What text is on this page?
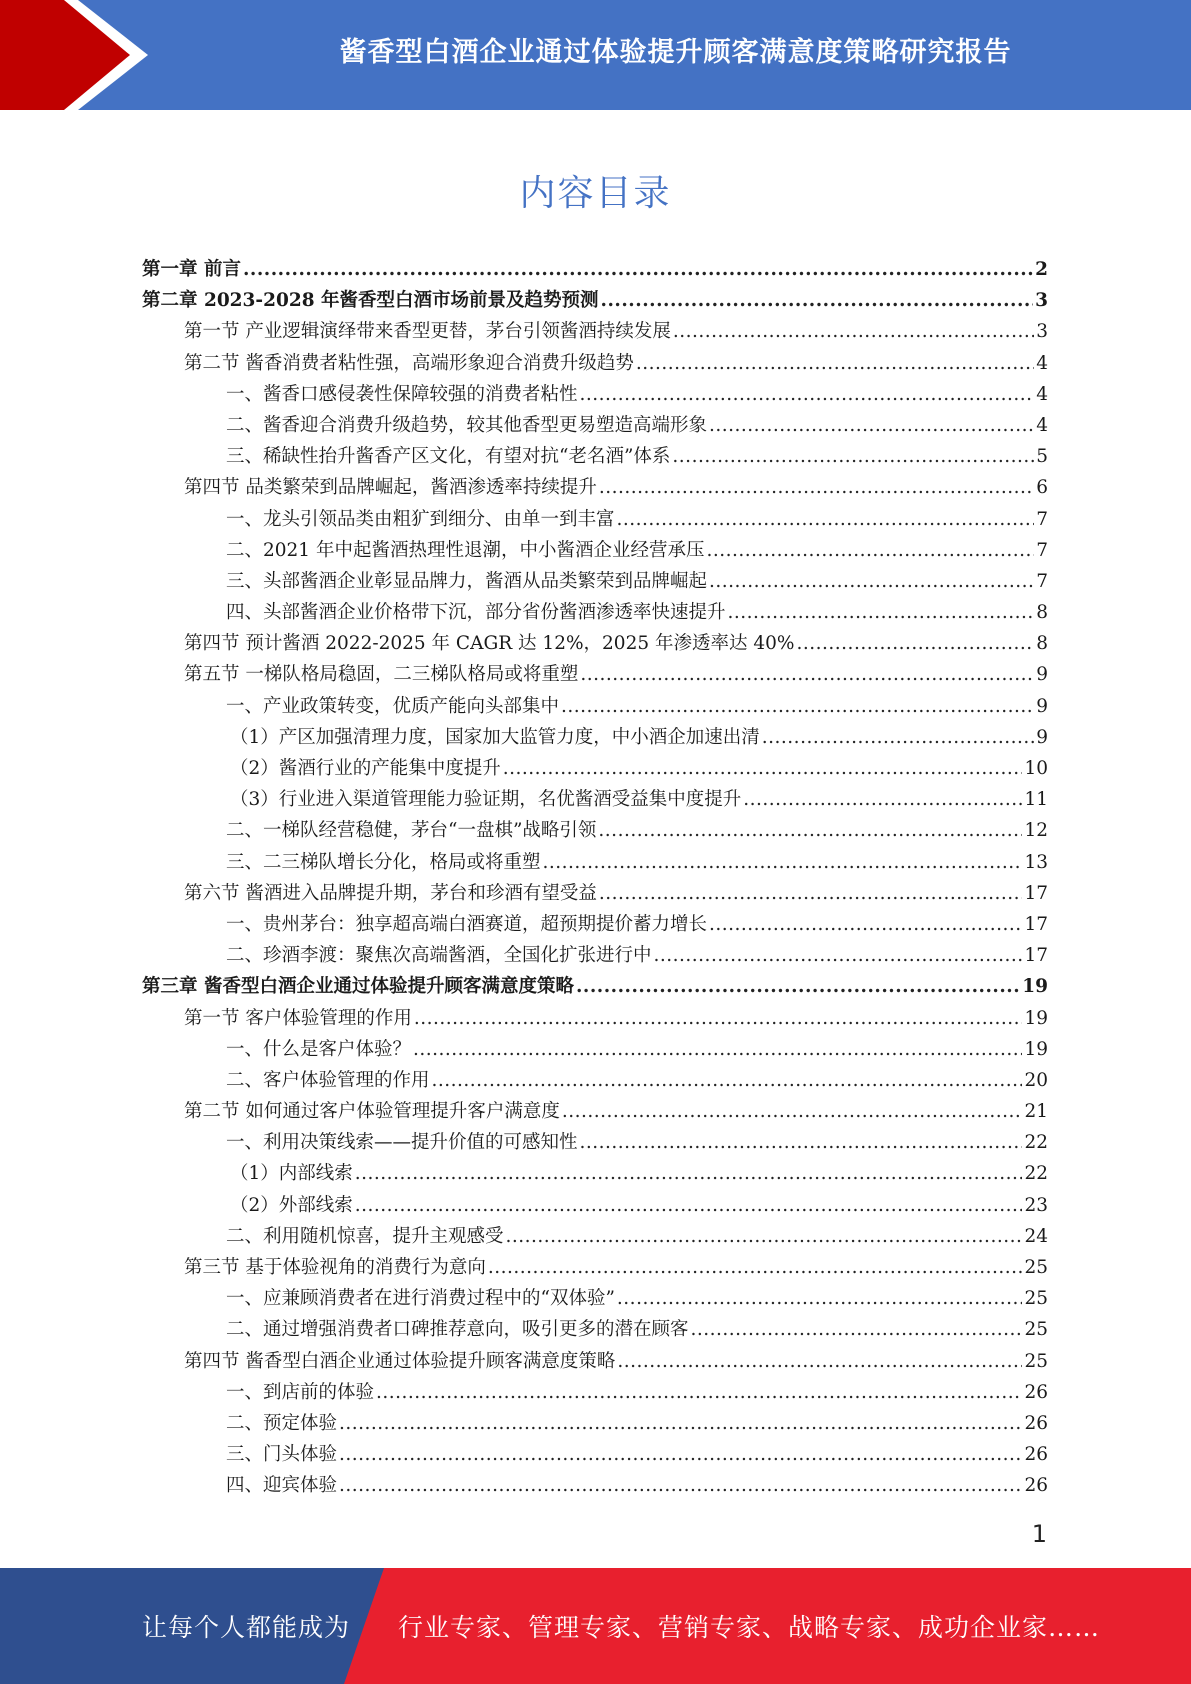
酱香型白酒企业通过体验提升顾客满意度策略研究报告
内容目录
第一章 前言 .....	2
第二章 2023-2028 年酱香型白酒市场前景及趋势预测 .....	3
第一节 产业逻辑演绎带来香型更替，茅台引领酱酒持续发展 .....	3
第二节 酱香消费者粘性强，高端形象迎合消费升级趋势 .....	4
一、酱香口感侵袭性保障较强的消费者粘性 .....	4
二、酱香迎合消费升级趋势，较其他香型更易塑造高端形象 .....	4
三、稀缺性抬升酱香产区文化，有望对抗“老名酒”体系 .....	5
第四节 品类繁荣到品牌崛起，酱酒渗透率持续提升 .....	6
一、龙头引领品类由粗犷到细分、由单一到丰富 .....	7
二、2021 年中起酱酒热理性退潮，中小酱酒企业经营承压 .....	7
三、头部酱酒企业彰显品牌力，酱酒从品类繁荣到品牌崛起 .....	7
四、头部酱酒企业价格带下沉，部分省份酱酒渗透率快速提升 .....	8
第四节 预计酱酒 2022-2025 年 CAGR 达 12%，2025 年渗透率达 40% .....	8
第五节 一梯队格局稳固，二三梯队格局或将重塑 .....	9
一、产业政策转变，优质产能向头部集中 .....	9
（1）产区加强清理力度，国家加大监管力度，中小酒企加速出清 .....	9
（2）酱酒行业的产能集中度提升 .....	10
（3）行业进入渠道管理能力验证期，名优酱酒受益集中度提升 .....	11
二、一梯队经营稳健，茅台“一盘棋”战略引领 .....	12
三、二三梯队增长分化，格局或将重塑 .....	13
第六节 酱酒进入品牌提升期，茅台和珍酒有望受益 .....	17
一、贵州茅台：独享超高端白酒赛道，超预期提价蓄力增长 .....	17
二、珍酒李渡：聚焦次高端酱酒，全国化扩张进行中 .....	17
第三章 酱香型白酒企业通过体验提升顾客满意度策略 .....	19
第一节 客户体验管理的作用 .....	19
一、什么是客户体验？ .....	19
二、客户体验管理的作用 .....	20
第二节 如何通过客户体验管理提升客户满意度 .....	21
一、利用决策线索——提升价值的可感知性 .....	22
（1）内部线索 .....	22
（2）外部线索 .....	23
二、利用随机惊喜，提升主观感受 .....	24
第三节 基于体验视角的消费行为意向 .....	25
一、应兼顾消费者在进行消费过程中的“双体验” .....	25
二、通过增强消费者口碑推荐意向，吸引更多的潜在顾客 .....	25
第四节 酱香型白酒企业通过体验提升顾客满意度策略 .....	25
一、到店前的体验 .....	26
二、预定体验 .....	26
三、门头体验 .....	26
四、迎宾体验 .....	26
1
让每个人都能成为 行业专家、管理专家、营销专家、战略专家、成功企业家……
